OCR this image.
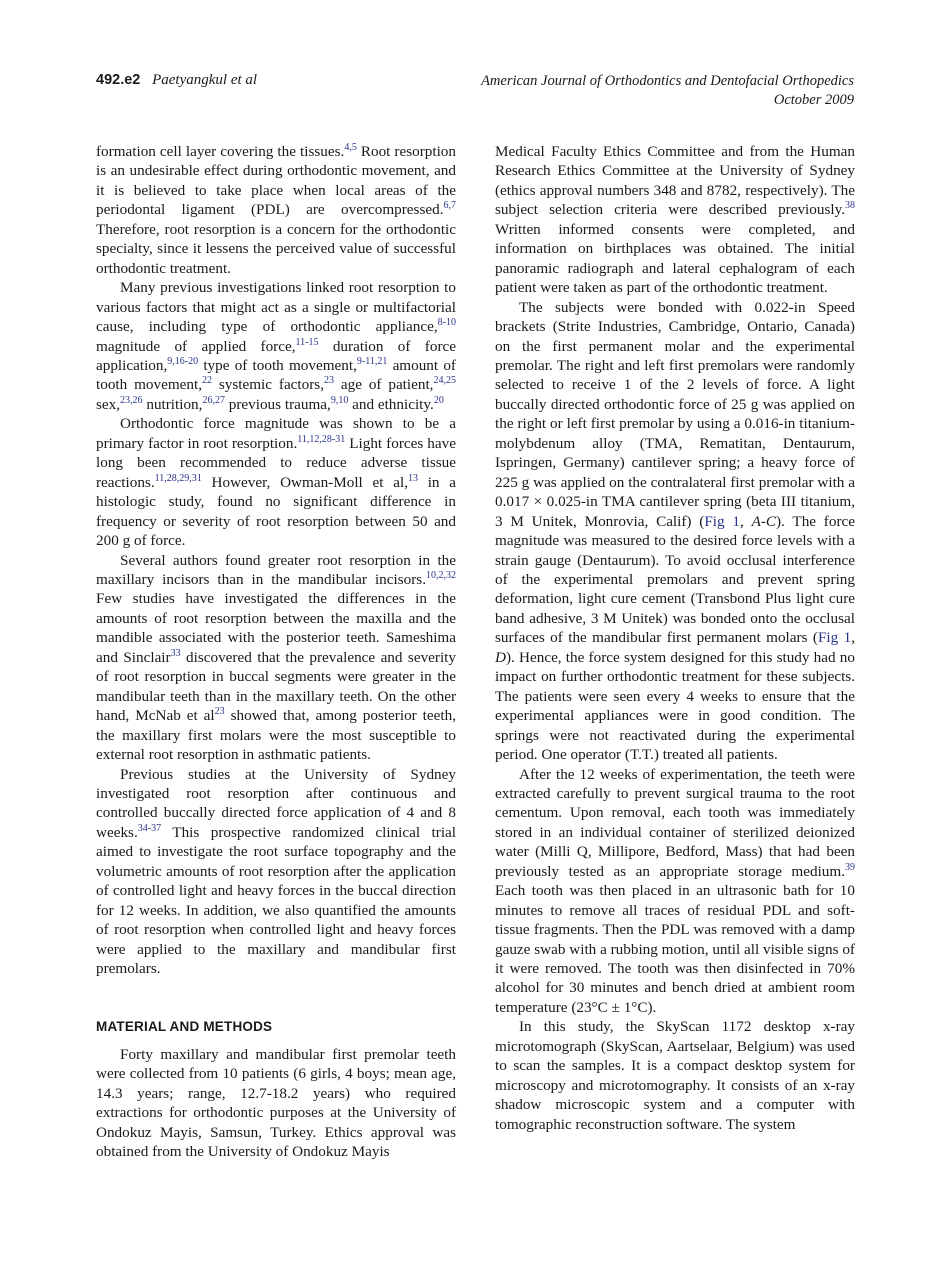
492.e2 Paetyangkul et al	American Journal of Orthodontics and Dentofacial Orthopedics
October 2009

formation cell layer covering the tissues.$^{4,5}$ Root resorption is an undesirable effect during orthodontic movement, and it is believed to take place when local areas of the periodontal ligament (PDL) are overcompressed.$^{6,7}$ Therefore, root resorption is a concern for the orthodontic specialty, since it lessens the perceived value of successful orthodontic treatment.

Many previous investigations linked root resorption to various factors that might act as a single or multifactorial cause, including type of orthodontic appliance,$^{8-10}$ magnitude of applied force,$^{11-15}$ duration of force application,$^{9,16-20}$ type of tooth movement,$^{9-11,21}$ amount of tooth movement,$^{22}$ systemic factors,$^{23}$ age of patient,$^{24,25}$ sex,$^{23,26}$ nutrition,$^{26,27}$ previous trauma,$^{9,10}$ and ethnicity.$^{20}$

Orthodontic force magnitude was shown to be a primary factor in root resorption.$^{11,12,28-31}$ Light forces have long been recommended to reduce adverse tissue reactions.$^{11,28,29,31}$ However, Owman-Moll et al,$^{13}$ in a histologic study, found no significant difference in frequency or severity of root resorption between 50 and 200 g of force.

Several authors found greater root resorption in the maxillary incisors than in the mandibular incisors.$^{10,2,32}$ Few studies have investigated the differences in the amounts of root resorption between the maxilla and the mandible associated with the posterior teeth. Sameshima and Sinclair$^{33}$ discovered that the prevalence and severity of root resorption in buccal segments were greater in the mandibular teeth than in the maxillary teeth. On the other hand, McNab et $al^{23}$ showed that, among posterior teeth, the maxillary first molars were the most susceptible to external root resorption in asthmatic patients.

Previous studies at the University of Sydney investigated root resorption after continuous and controlled buccally directed force application of 4 and 8 weeks.$^{34-37}$ This prospective randomized clinical trial aimed to investigate the root surface topography and the volumetric amounts of root resorption after the application of controlled light and heavy forces in the buccal direction for 12 weeks. In addition, we also quantified the amounts of root resorption when controlled light and heavy forces were applied to the maxillary and mandibular first premolars.

MATERIAL AND METHODS

Forty maxillary and mandibular first premolar teeth were collected from 10 patients (6 girls, 4 boys; mean age, 14.3 years; range, 12.7-18.2 years) who required extractions for orthodontic purposes at the University of Ondokuz Mayis, Samsun, Turkey. Ethics approval was obtained from the University of Ondokuz Mayis

Medical Faculty Ethics Committee and from the Human Research Ethics Committee at the University of Sydney (ethics approval numbers 348 and 8782, respectively). The subject selection criteria were described previously.$^{38}$ Written informed consents were completed, and information on birthplaces was obtained. The initial panoramic radiograph and lateral cephalogram of each patient were taken as part of the orthodontic treatment.

The subjects were bonded with 0.022-in Speed brackets (Strite Industries, Cambridge, Ontario, Canada) on the first permanent molar and the experimental premolar. The right and left first premolars were randomly selected to receive 1 of the 2 levels of force. A light buccally directed orthodontic force of 25 g was applied on the right or left first premolar by using a 0.016-in titanium-molybdenum alloy (TMA, Rematitan, Dentaurum, Ispringen, Germany) cantilever spring; a heavy force of 225 g was applied on the contralateral first premolar with a 0.017 × 0.025-in TMA cantilever spring (beta III titanium, 3 M Unitek, Monrovia, Calif) (Fig 1, A-C). The force magnitude was measured to the desired force levels with a strain gauge (Dentaurum). To avoid occlusal interference of the experimental premolars and prevent spring deformation, light cure cement (Transbond Plus light cure band adhesive, 3 M Unitek) was bonded onto the occlusal surfaces of the mandibular first permanent molars (Fig 1, D). Hence, the force system designed for this study had no impact on further orthodontic treatment for these subjects. The patients were seen every 4 weeks to ensure that the experimental appliances were in good condition. The springs were not reactivated during the experimental period. One operator (T.T.) treated all patients.

After the 12 weeks of experimentation, the teeth were extracted carefully to prevent surgical trauma to the root cementum. Upon removal, each tooth was immediately stored in an individual container of sterilized deionized water (Milli Q, Millipore, Bedford, Mass) that had been previously tested as an appropriate storage medium.$^{39}$ Each tooth was then placed in an ultrasonic bath for 10 minutes to remove all traces of residual PDL and soft-tissue fragments. Then the PDL was removed with a damp gauze swab with a rubbing motion, until all visible signs of it were removed. The tooth was then disinfected in 70% alcohol for 30 minutes and bench dried at ambient room temperature (23°C ± 1°C).

In this study, the SkyScan 1172 desktop x-ray microtomograph (SkyScan, Aartselaar, Belgium) was used to scan the samples. It is a compact desktop system for microscopy and microtomography. It consists of an x-ray shadow microscopic system and a computer with tomographic reconstruction software. The system
